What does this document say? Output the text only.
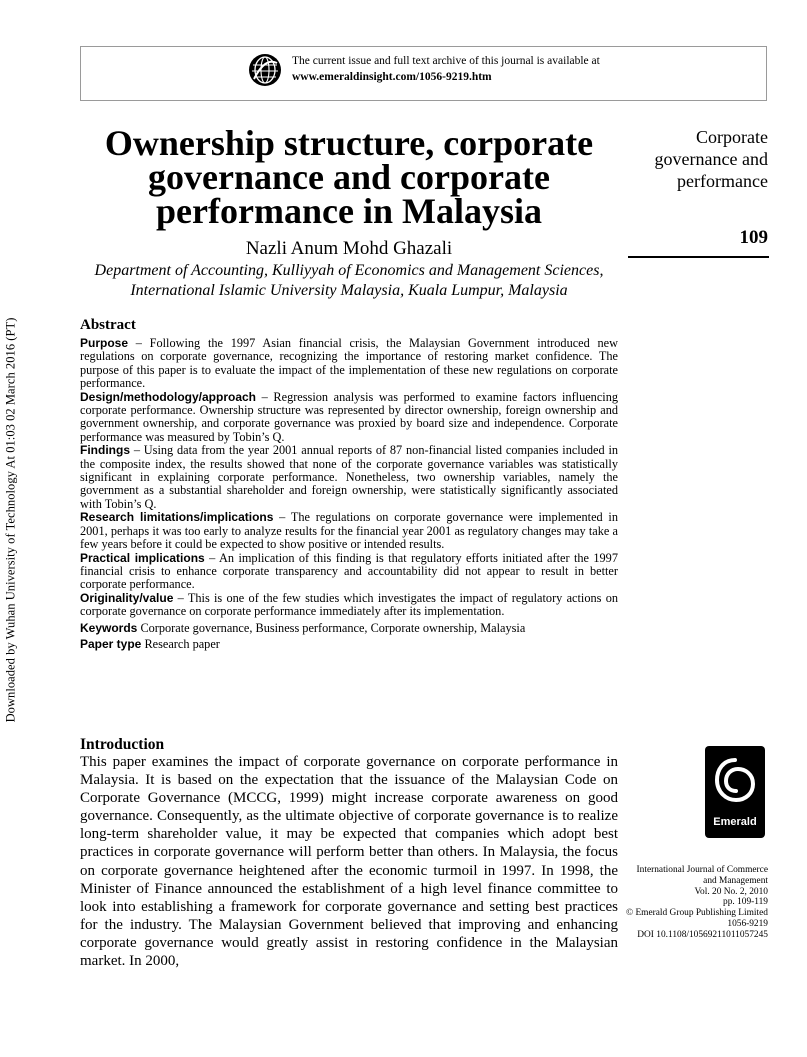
Downloaded by Wuhan University of Technology At 01:03 02 March 2016 (PT)
The current issue and full text archive of this journal is available at
www.emeraldinsight.com/1056-9219.htm
Ownership structure, corporate governance and corporate performance in Malaysia
Nazli Anum Mohd Ghazali
Department of Accounting, Kulliyyah of Economics and Management Sciences, International Islamic University Malaysia, Kuala Lumpur, Malaysia
Corporate governance and performance
109
Abstract

Purpose – Following the 1997 Asian financial crisis, the Malaysian Government introduced new regulations on corporate governance, recognizing the importance of restoring market confidence. The purpose of this paper is to evaluate the impact of the implementation of these new regulations on corporate performance.

Design/methodology/approach – Regression analysis was performed to examine factors influencing corporate performance. Ownership structure was represented by director ownership, foreign ownership and government ownership, and corporate governance was proxied by board size and independence. Corporate performance was measured by Tobin’s Q.

Findings – Using data from the year 2001 annual reports of 87 non-financial listed companies included in the composite index, the results showed that none of the corporate governance variables was statistically significant in explaining corporate performance. Nonetheless, two ownership variables, namely the government as a substantial shareholder and foreign ownership, were statistically significantly associated with Tobin’s Q.

Research limitations/implications – The regulations on corporate governance were implemented in 2001, perhaps it was too early to analyze results for the financial year 2001 as regulatory changes may take a few years before it could be expected to show positive or intended results.

Practical implications – An implication of this finding is that regulatory efforts initiated after the 1997 financial crisis to enhance corporate transparency and accountability did not appear to result in better corporate performance.

Originality/value – This is one of the few studies which investigates the impact of regulatory actions on corporate governance on corporate performance immediately after its implementation.

Keywords Corporate governance, Business performance, Corporate ownership, Malaysia

Paper type Research paper

Introduction
This paper examines the impact of corporate governance on corporate performance in Malaysia. It is based on the expectation that the issuance of the Malaysian Code on Corporate Governance (MCCG, 1999) might increase corporate awareness on good governance. Consequently, as the ultimate objective of corporate governance is to realize long-term shareholder value, it may be expected that companies which adopt best practices in corporate governance will perform better than others. In Malaysia, the focus on corporate governance heightened after the economic turmoil in 1997. In 1998, the Minister of Finance announced the establishment of a high level finance committee to look into establishing a framework for corporate governance and setting best practices for the industry. The Malaysian Government believed that improving and enhancing corporate governance would greatly assist in restoring confidence in the Malaysian market. In 2000,
Emerald
International Journal of Commerce
and Management
Vol. 20 No. 2, 2010
pp. 109-119
© Emerald Group Publishing Limited
1056-9219
DOI 10.1108/10569211011057245
